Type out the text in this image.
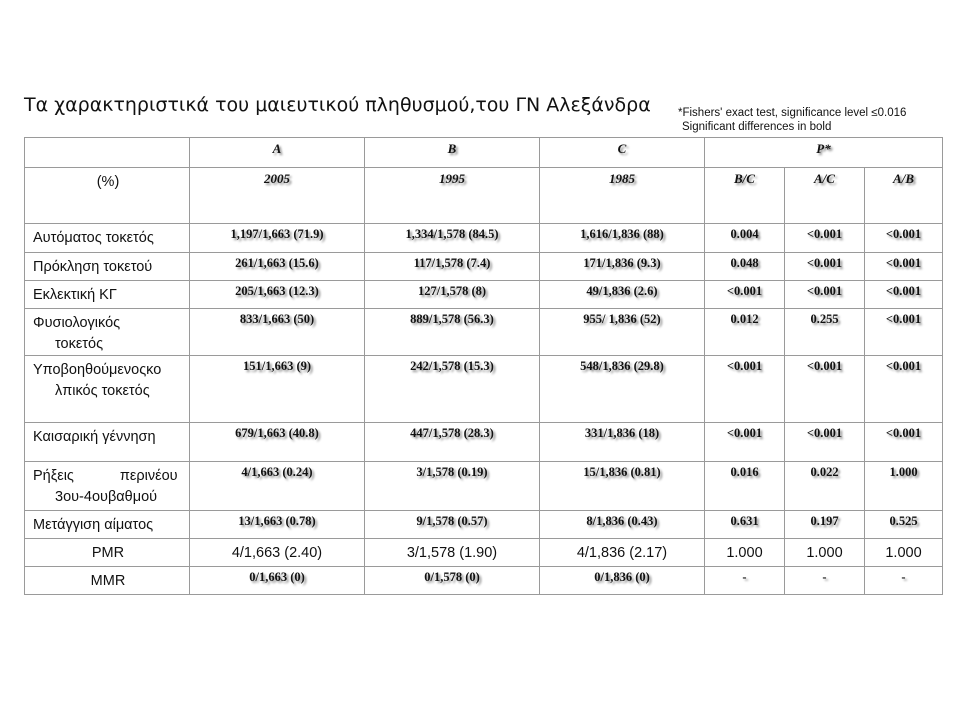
Τα χαρακτηριστικά του μαιευτικού πληθυσμού,του ΓΝ Αλεξάνδρα *Fishers' exact test, significance level ≤0.016
Significant differences in bold
	A	B	C	P*		
(%)	2005	1995	1985	B/C	A/C	A/B

Αυτόματος τοκετός	1,197/1,663 (71.9)	1,334/1,578 (84.5)	1,616/1,836 (88)	0.004	<0.001	<0.001

Πρόκληση τοκετού	261/1,663 (15.6)	117/1,578 (7.4)	171/1,836 (9.3)	0.048	<0.001	<0.001

Εκλεκτική ΚΓ	205/1,663 (12.3)	127/1,578 (8)	49/1,836 (2.6)	<0.001	<0.001	<0.001

Φυσιολογικός
τοκετός	833/1,663 (50)	889/1,578 (56.3)	955/ 1,836 (52)	0.012	0.255	<0.001

Υποβοηθούμενοςκο
λπικός τοκετός	151/1,663 (9)	242/1,578 (15.3)	548/1,836 (29.8)	<0.001	<0.001	<0.001

Καισαρική γέννηση	679/1,663 (40.8)	447/1,578 (28.3)	331/1,836 (18)	<0.001	<0.001	<0.001

Ρήξεις περινέου
3ου-4ουβαθμού	4/1,663 (0.24)	3/1,578 (0.19)	15/1,836 (0.81)	0.016	0.022	1.000

Μετάγγιση αίματος	13/1,663 (0.78)	9/1,578 (0.57)	8/1,836 (0.43)	0.631	0.197	0.525

PMR	4/1,663 (2.40)	3/1,578 (1.90)	4/1,836 (2.17)	1.000	1.000	1.000

MMR	0/1,663 (0)	0/1,578 (0)	0/1,836 (0)	-	-	-
